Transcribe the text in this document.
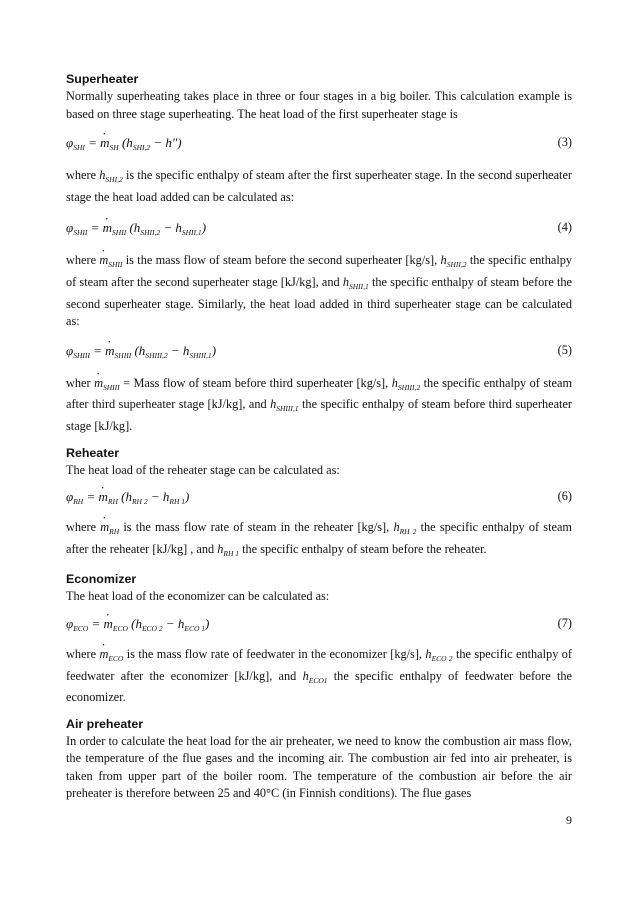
Superheater

Normally superheating takes place in three or four stages in a big boiler. This calculation example is based on three stage superheating. The heat load of the first superheater stage is

$\varphi_{SHI}$ = · $m_{SH}$ $(h_{SHI,2} - h'')$	(3)

where $h_{SHI,2}$ is the specific enthalpy of steam after the first superheater stage. In the second superheater stage the heat load added can be calculated as:

$\varphi_{SHII}$ = · $m_{SHII}$ $(h_{SHII,2} - h_{SHII,1})$	(4)

where · $m_{SHII}$ is the mass flow of steam before the second superheater [kg/s], $h_{SHII,2}$ the specific enthalpy of steam after the second superheater stage [kJ/kg], and $h_{SHII,1}$ the specific enthalpy of steam before the second superheater stage. Similarly, the heat load added in third superheater stage can be calculated as:

$\varphi_{SHIII}$ = · $m_{SHIII}$ $(h_{SHIII,2} - h_{SHIII,1})$	(5)

wher · $m_{SHIII}$ = Mass flow of steam before third superheater [kg/s], $h_{SHIII,2}$ the specific enthalpy of steam after third superheater stage [kJ/kg], and $h_{SHIII,1}$ the specific enthalpy of steam before third superheater stage [kJ/kg].

Reheater

The heat load of the reheater stage can be calculated as:

$\varphi_{RH}$ = · $m_{RH}$ $(h_{RH 2} - h_{RH 1})$	(6)

where · $m_{RH}$ is the mass flow rate of steam in the reheater [kg/s], $h_{RH 2}$ the specific enthalpy of steam after the reheater [kJ/kg] , and $h_{RH 1}$ the specific enthalpy of steam before the reheater.

Economizer

The heat load of the economizer can be calculated as:

$\varphi_{ECO}$ = · $m_{ECO}$ $(h_{ECO 2} - h_{ECO 1})$	(7)

where · $m_{ECO}$ is the mass flow rate of feedwater in the economizer [kg/s], $h_{ECO 2}$ the specific enthalpy of feedwater after the economizer [kJ/kg], and $h_{ECO1}$ the specific enthalpy of feedwater before the economizer.

Air preheater

In order to calculate the heat load for the air preheater, we need to know the combustion air mass flow, the temperature of the flue gases and the incoming air. The combustion air fed into air preheater, is taken from upper part of the boiler room. The temperature of the combustion air before the air preheater is therefore between 25 and 40°C (in Finnish conditions). The flue gases

9
